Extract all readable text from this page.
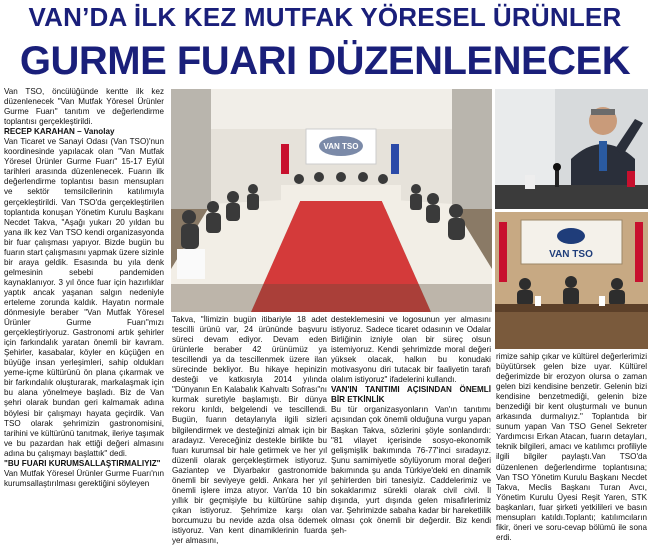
VAN’DA İLK KEZ MUTFAK YÖRESEL ÜRÜNLER
GURME FUARI DÜZENLENECEK

Van TSO, öncülüğünde kentte ilk kez düzenlenecek "Van Mutfak Yöresel Ürünler Gurme Fuarı" tanıtım ve değerlendirme toplantısı gerçekleştirildi.

RECEP KARAHAN – Vanolay

Van Ticaret ve Sanayi Odası (Van TSO)'nun koordinesinde yapılacak olan "Van Mutfak Yöresel Ürünler Gurme Fuarı" 15-17 Eylül tarihleri arasında düzenlenecek. Fuarın ilk değerlendirme toplantısı basın mensupları ve sektör temsilcilerinin katılımıyla gerçekleştirildi. Van TSO'da gerçekleştirilen toplantıda konuşan Yönetim Kurulu Başkanı Necdet Takva, "Aşağı yukarı 20 yıldan bu yana ilk kez Van TSO kendi organizasyonda bir fuar çalışması yapıyor. Bizde bugün bu fuarın start çalışmasını yapmak üzere sizinle bir araya geldik. Esasında bu yıla denk gelmesinin sebebi pandemiden kaynaklanıyor. 3 yıl önce fuar için hazırlıklar yaptık ancak yaşanan salgın nedeniyle erteleme zorunda kaldık. Hayatın normale dönmesiyle beraber "Van Mutfak Yöresel Ürünler Gurme Fuarı"mızı gerçekleştiriyoruz. Gastronomi artık şehirler için farkındalık yaratan önemli bir kavram. Şehirler, kasabalar, köyler en küçüğen en büyüğe insan yerleşimleri, sahip oldukları yeme-içme kültürünü ön plana çıkarmak ve bir farkındalık oluşturarak, markalaşmak için bu alana yönelmeye başladı. Biz de Van şehri olarak bundan geri kalmamak adına böylesi bir çalışmayı hayata geçirdik. Van TSO olarak şehrimizin gastronomisini, tarihini ve kültürünü tanıtmak, ileriye taşımak ve bu pazardan hak ettiği değeri almasını adına bu çalışmayı başlattık" dedi.

"BU FUARI KURUMSALLAŞTIRMALIYIZ"

Van Mutfak Yöresel Ürünler Gurme Fuarı'nın kurumsallaştırılması gerektiğini söyleyen

VAN TSO
VAN TSO

Takva, "İlimizin bugün itibariyle 18 adet tescilli ürünü var, 24 ürününde başvuru süreci devam ediyor. Devam eden ürünlerle beraber 42 ürünümüz ya tescillendi ya da tescillenmek üzere ilan sürecinde bekliyor. Bu hikaye hepinizin desteği ve katkısıyla 2014 yılında "Dünyanın En Kalabalık Kahvaltı Sofrası"nı kurmak suretiyle başlamıştı. Bir dünya rekoru kırıldı, belgelendi ve tescillendi. Bugün, fuarın detaylarıyla ilgili sizleri bilgilendirmek ve desteğinizi almak için bir aradayız. Vereceğiniz destekle birlikte bu fuarı kurumsal bir hale getirmek ve her yıl düzenli olarak gerçekleştirmek istiyoruz. Gaziantep ve Diyarbakır gastronomide önemli bir seviyeye geldi. Ankara her yıl önemli işlere imza atıyor. Van'da 10 bin yıllık bir geçmişiyle bu kültürüne sahip çıkan istiyoruz. Şehrimize karşı olan borcumuzu bu nevide azda olsa ödemek istiyoruz. Van kent dinamiklerinin fuarda yer almasını,

desteklemesini ve logosunun yer almasını istiyoruz. Sadece ticaret odasının ve Odalar Birliğinin izniyle olan bir süreç olsun istemiyoruz. Kendi şehrimizde moral değeri yüksek olacak, halkın bu konudaki motivasyonu diri tutacak bir faaliyetin tarafı olalım istiyoruz" ifadelerini kullandı.

VAN'IN TANITIMI AÇISINDAN ÖNEMLİ BİR ETKİNLİK

Bu tür organizasyonların Van'ın tanıtımı açısından çok önemli olduğuna vurgu yapan Başkan Takva, sözlerini şöyle sonlandırdı: "81 vilayet içerisinde sosyo-ekonomik gelişmişlik bakımında 76-77'inci sıradayız. Şunu samimiyetle söylüyorum moral değeri bakımında şu anda Türkiye'deki en dinamik şehirlerden biri tanesiyiz. Caddelerimiz ve sokaklarımız sürekli olarak civil civil. İl dışında, yurt dışında gelen misafirlerimiz var. Şehrimizde sabaha kadar bir hareketlilik olması çok önemli bir değerdir. Biz kendi şeh-

rimize sahip çıkar ve kültürel değerlerimizi büyütürsek gelen bize uyar. Kültürel değerimizde bir erozyon olursa o zaman gelen bizi kendisine benzetir. Gelenin bizi kendisine benzetmediği, gelenin bize benzediği bir kent oluşturmalı ve bunun arkasında durmalıyız." Toplantıda bir sunum yapan Van TSO Genel Sekreter Yardımcısı Erkan Atacan, fuarın detayları, teknik bilgileri, amacı ve katılımcı profiliyle ilgili bilgiler paylaştı.Van TSO'da düzenlenen değerlendirme toplantısına; Van TSO Yönetim Kurulu Başkanı Necdet Takva, Meclis Başkanı Turan Avcı, Yönetim Kurulu Üyesi Reşit Yaren, STK başkanları, fuar şirketi yetkilileri ve basın mensupları katıldı.Toplantı; katılımcıların fikir, öneri ve soru-cevap bölümü ile sona erdi.
